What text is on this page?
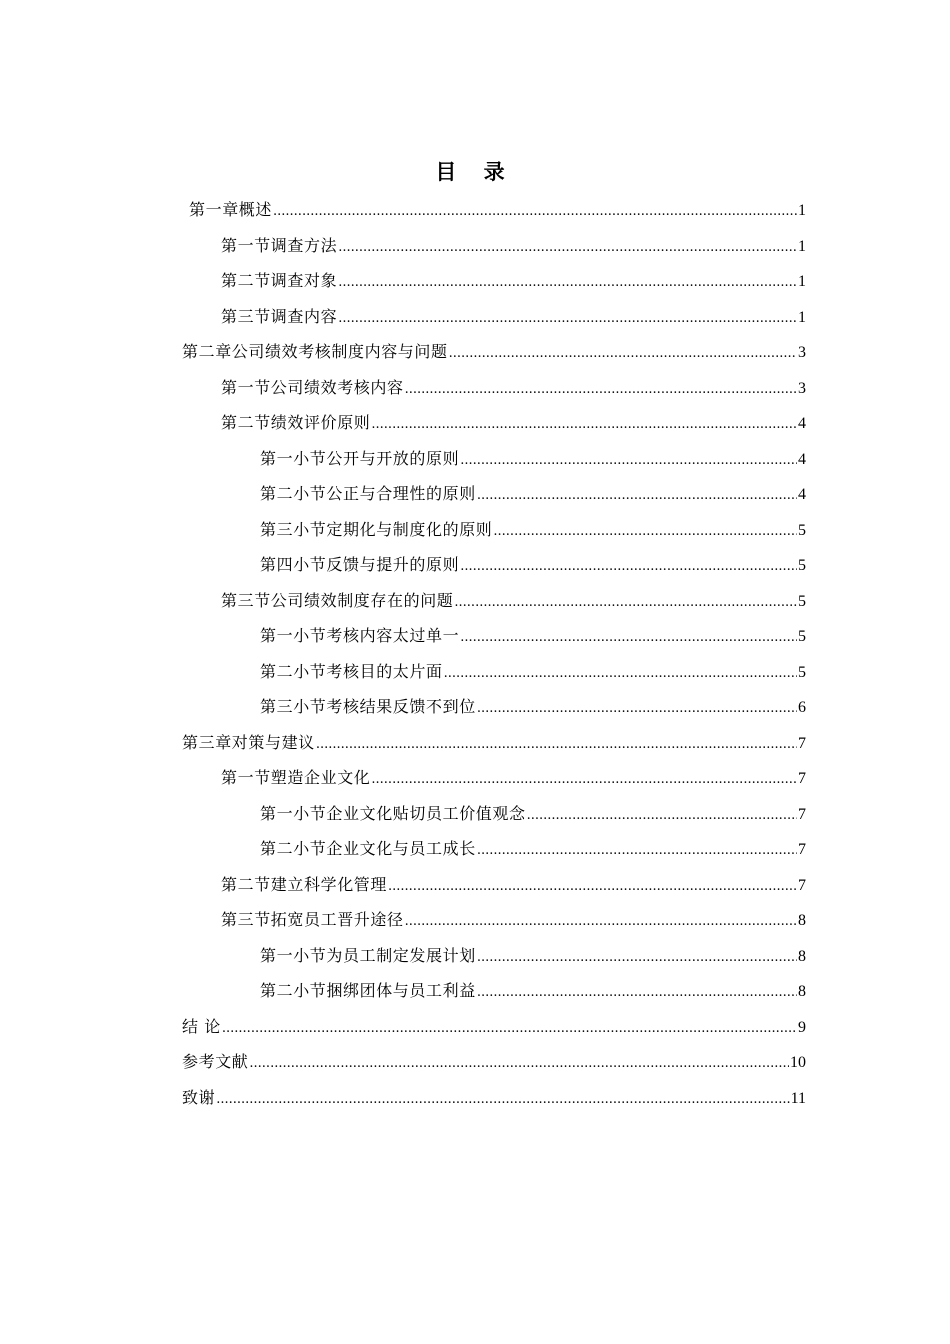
目 录
第一章概述 .....	1
第一节调查方法 .....	1
第二节调查对象 .....	1
第三节调查内容 .....	1
第二章公司绩效考核制度内容与问题 .....	3
第一节公司绩效考核内容 .....	3
第二节绩效评价原则 .....	4
第一小节公开与开放的原则 .....	4
第二小节公正与合理性的原则 .....	4
第三小节定期化与制度化的原则 .....	5
第四小节反馈与提升的原则 .....	5
第三节公司绩效制度存在的问题 .....	5
第一小节考核内容太过单一 .....	5
第二小节考核目的太片面 .....	5
第三小节考核结果反馈不到位 .....	6
第三章对策与建议 .....	7
第一节塑造企业文化 .....	7
第一小节企业文化贴切员工价值观念 .....	7
第二小节企业文化与员工成长 .....	7
第二节建立科学化管理 .....	7
第三节拓宽员工晋升途径 .....	8
第一小节为员工制定发展计划 .....	8
第二小节捆绑团体与员工利益 .....	8
结 论 .....	9
参考文献 .....	10
致谢 .....	11
